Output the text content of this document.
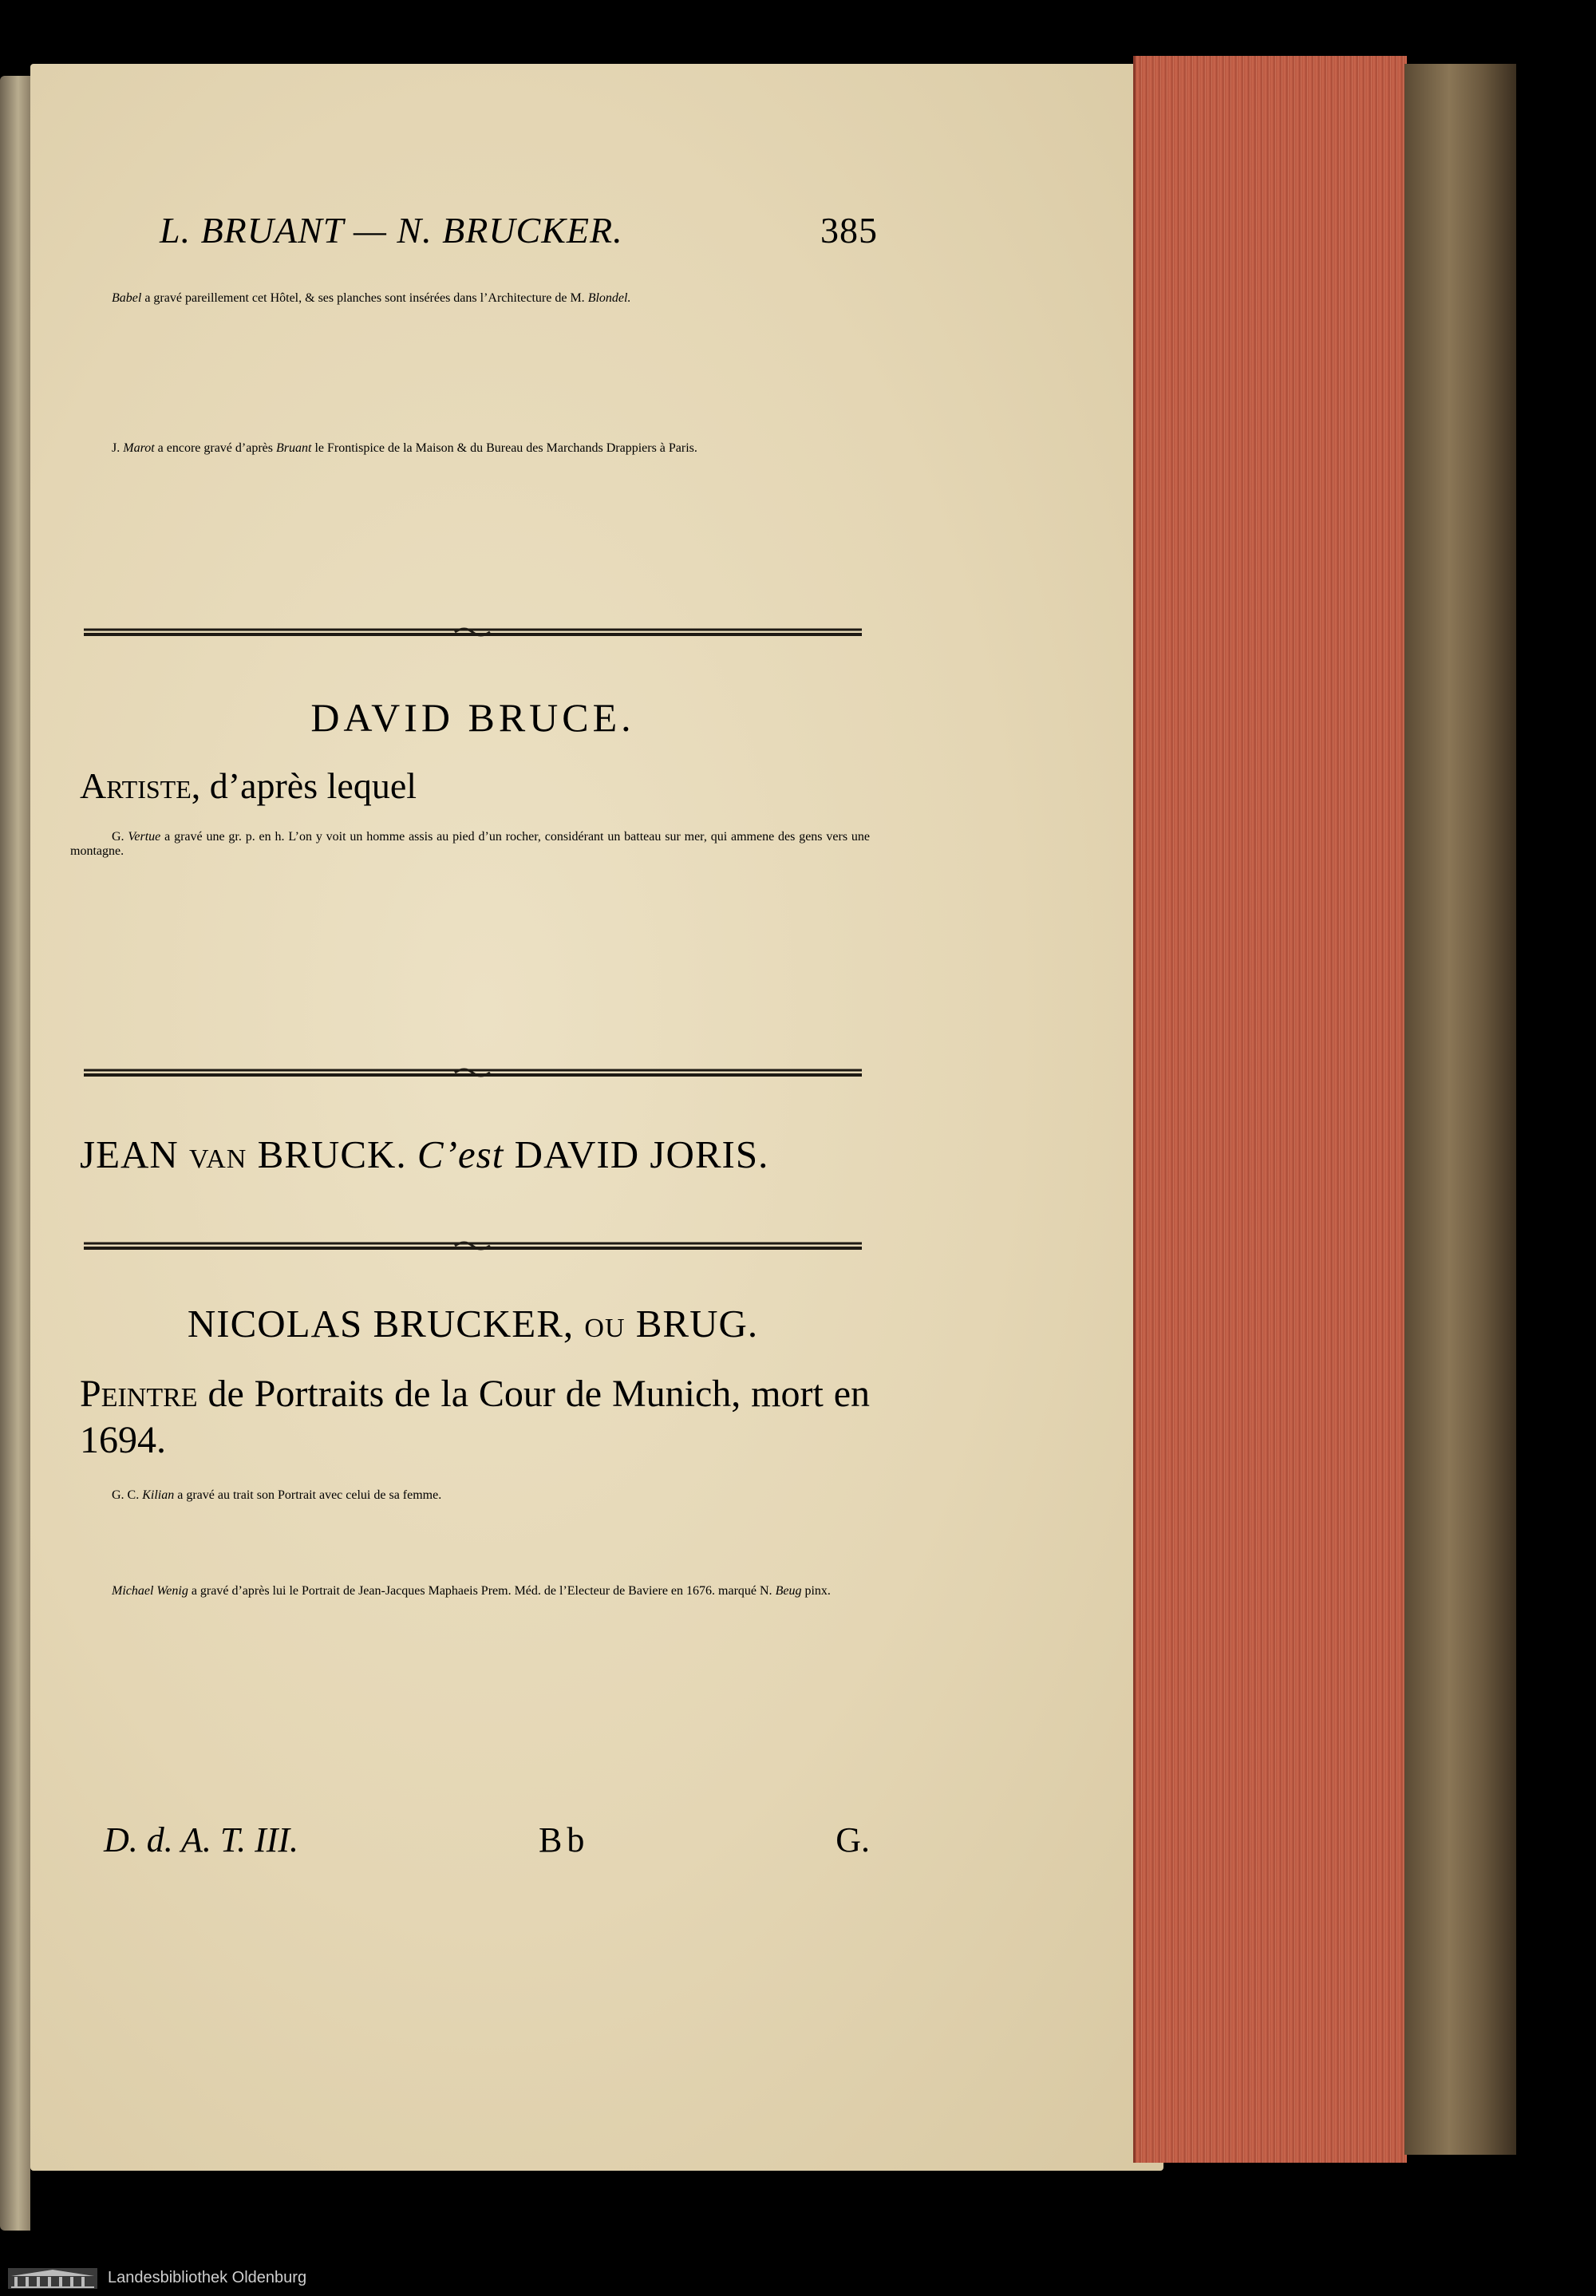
L. BRUANT — N. BRUCKER.	385

Babel a gravé pareillement cet Hôtel, & ses planches sont insérées dans l’Architecture de M. Blondel.

J. Marot a encore gravé d’après Bruant le Frontispice de la Maison & du Bureau des Marchands Drappiers à Paris.

DAVID BRUCE.

Artiste, d’après lequel

G. Vertue a gravé une gr. p. en h. L’on y voit un homme assis au pied d’un rocher, considérant un batteau sur mer, qui ammene des gens vers une montagne.

JEAN van BRUCK. C’est DAVID JORIS.
NICOLAS BRUCKER, ou BRUG.

Peintre de Portraits de la Cour de Munich, mort en 1694.

G. C. Kilian a gravé au trait son Portrait avec celui de sa femme.

Michael Wenig a gravé d’après lui le Portrait de Jean-Jacques Maphaeis Prem. Méd. de l’Electeur de Baviere en 1676. marqué N. Beug pinx.

D. d. A. T. III.	Bb	G.
Landesbibliothek Oldenburg
